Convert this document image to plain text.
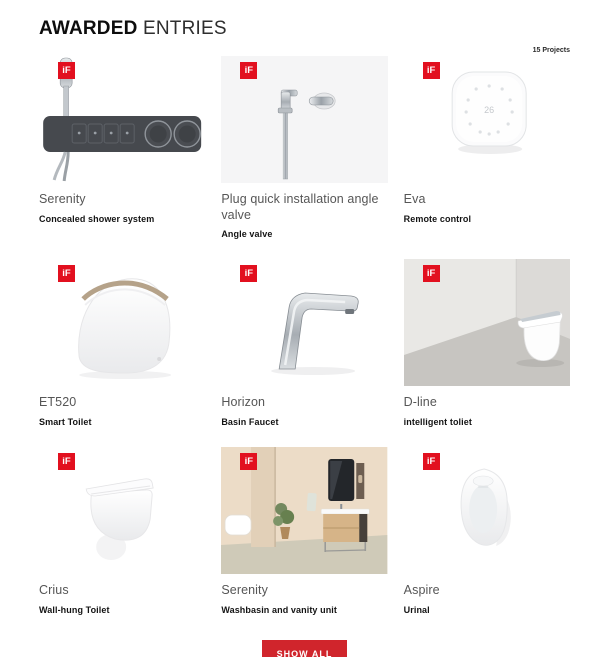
AWARDED ENTRIES
15 Projects
iF
Serenity

Concealed shower system

iF
Plug quick installation angle valve

Angle valve

iF
26
Eva

Remote control

iF
ET520

Smart Toilet

iF
Horizon

Basin Faucet

iF
D-line

intelligent toliet

iF
Crius

Wall-hung Toilet

iF
Serenity

Washbasin and vanity unit

iF
Aspire

Urinal

SHOW ALL
